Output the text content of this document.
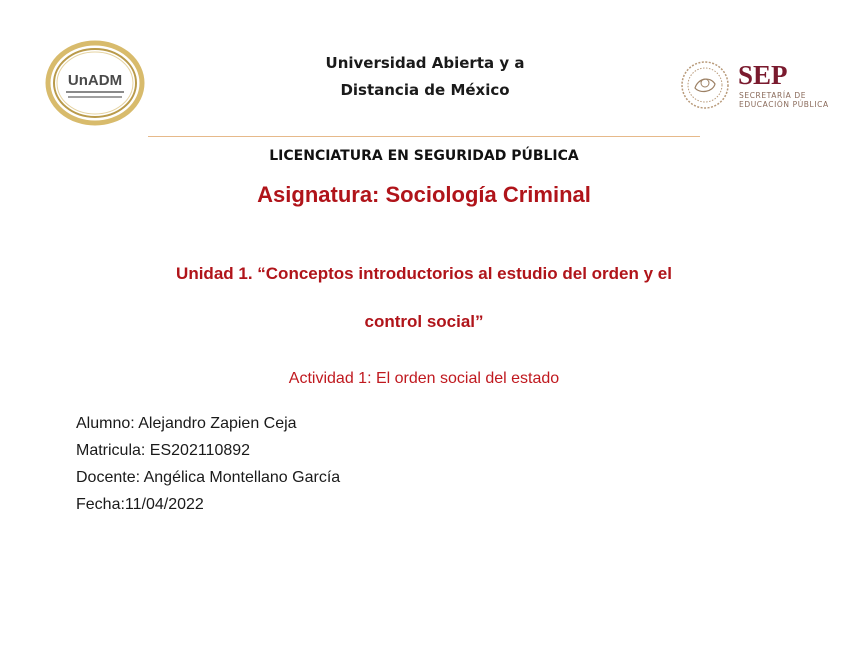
UnADM
Universidad Abierta y a
Distancia de México	SEP
SECRETARÍA DE
EDUCACIÓN PÚBLICA
LICENCIATURA EN SEGURIDAD PÚBLICA
Asignatura: Sociología Criminal
Unidad 1. “Conceptos introductorios al estudio del orden y el
control social”
Actividad 1: El orden social del estado
Alumno: Alejandro Zapien Ceja
Matricula: ES202110892
Docente: Angélica Montellano García
Fecha:11/04/2022
